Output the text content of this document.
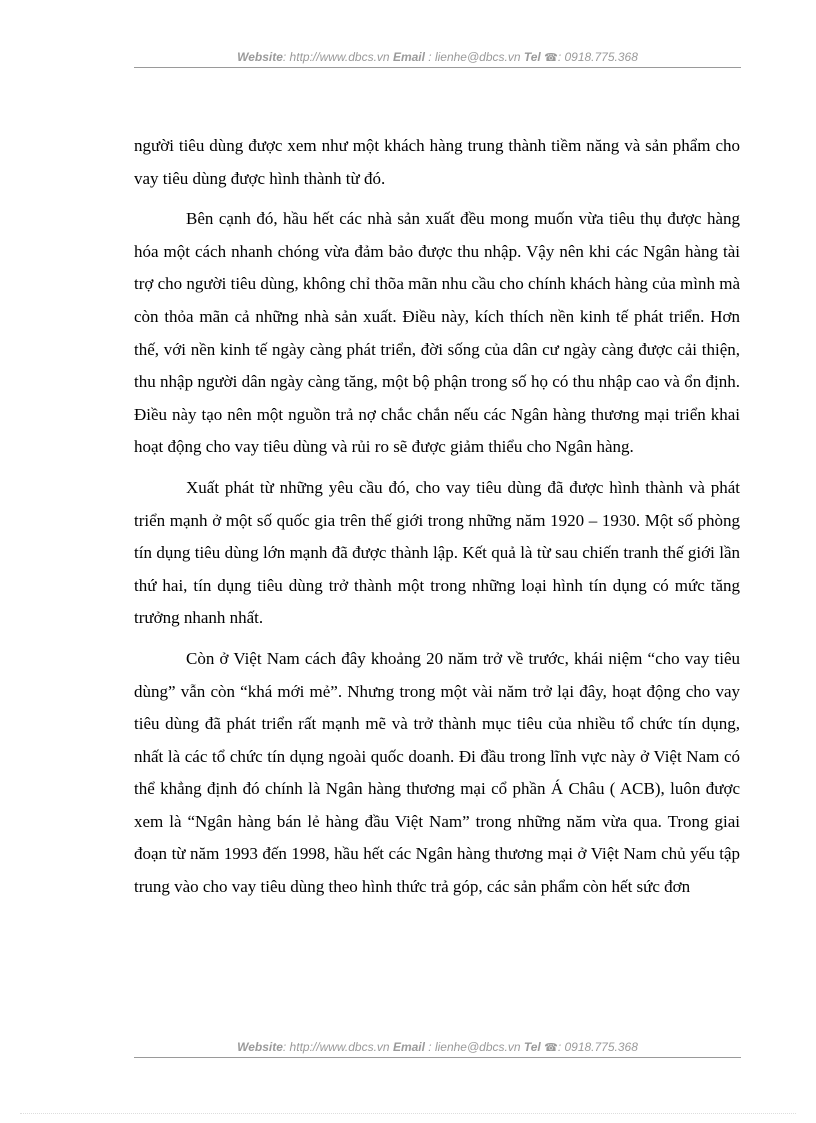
Website: http://www.dbcs.vn Email : lienhe@dbcs.vn Tel ☎: 0918.775.368

người tiêu dùng được xem như một khách hàng trung thành tiềm năng và sản phẩm cho vay tiêu dùng được hình thành từ đó.

Bên cạnh đó, hầu hết các nhà sản xuất đều mong muốn vừa tiêu thụ được hàng hóa một cách nhanh chóng vừa đảm bảo được thu nhập. Vậy nên khi các Ngân hàng tài trợ cho người tiêu dùng, không chỉ thõa mãn nhu cầu cho chính khách hàng của mình mà còn thỏa mãn cả những nhà sản xuất. Điều này, kích thích nền kinh tế phát triển. Hơn thế, với nền kinh tế ngày càng phát triển, đời sống của dân cư ngày càng được cải thiện, thu nhập người dân ngày càng tăng, một bộ phận trong số họ có thu nhập cao và ổn định. Điều này tạo nên một nguồn trả nợ chắc chắn nếu các Ngân hàng thương mại triển khai hoạt động cho vay tiêu dùng và rủi ro sẽ được giảm thiểu cho Ngân hàng.

Xuất phát từ những yêu cầu đó, cho vay tiêu dùng đã được hình thành và phát triển mạnh ở một số quốc gia trên thế giới trong những năm 1920 – 1930. Một số phòng tín dụng tiêu dùng lớn mạnh đã được thành lập. Kết quả là từ sau chiến tranh thế giới lần thứ hai, tín dụng tiêu dùng trở thành một trong những loại hình tín dụng có mức tăng trưởng nhanh nhất.

Còn ở Việt Nam cách đây khoảng 20 năm trở về trước, khái niệm “cho vay tiêu dùng” vẫn còn “khá mới mẻ”. Nhưng trong một vài năm trở lại đây, hoạt động cho vay tiêu dùng đã phát triển rất mạnh mẽ và trở thành mục tiêu của nhiều tổ chức tín dụng, nhất là các tổ chức tín dụng ngoài quốc doanh. Đi đầu trong lĩnh vực này ở Việt Nam có thể khẳng định đó chính là Ngân hàng thương mại cổ phần Á Châu ( ACB), luôn được xem là “Ngân hàng bán lẻ hàng đầu Việt Nam” trong những năm vừa qua. Trong giai đoạn từ năm 1993 đến 1998, hầu hết các Ngân hàng thương mại ở Việt Nam chủ yếu tập trung vào cho vay tiêu dùng theo hình thức trả góp, các sản phẩm còn hết sức đơn

Website: http://www.dbcs.vn Email : lienhe@dbcs.vn Tel ☎: 0918.775.368
